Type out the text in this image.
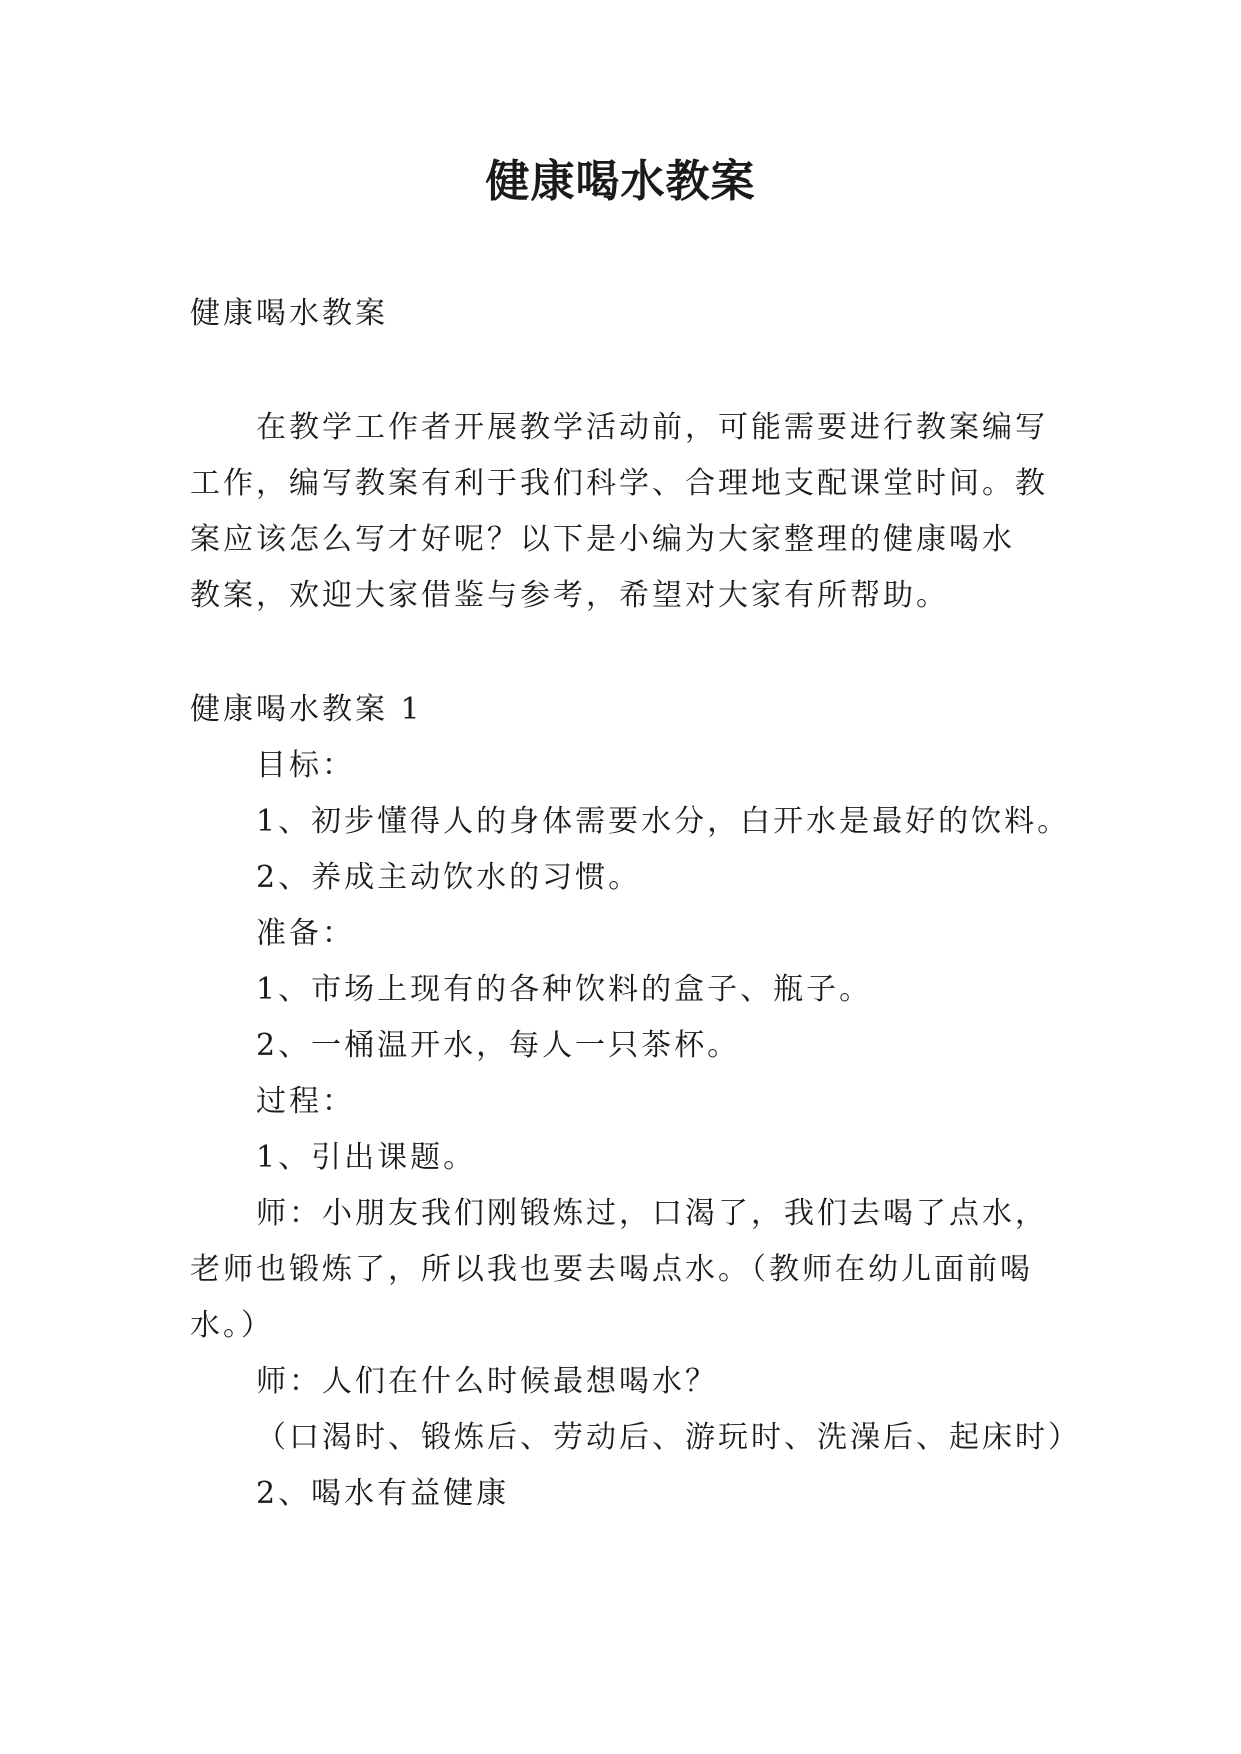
健康喝水教案
健康喝水教案
在教学工作者开展教学活动前，可能需要进行教案编写
工作，编写教案有利于我们科学、合理地支配课堂时间。教
案应该怎么写才好呢？以下是小编为大家整理的健康喝水
教案，欢迎大家借鉴与参考，希望对大家有所帮助。
健康喝水教案 1
目标：
1、初步懂得人的身体需要水分，白开水是最好的饮料。
2、养成主动饮水的习惯。
准备：
1、市场上现有的各种饮料的盒子、瓶子。
2、一桶温开水，每人一只茶杯。
过程：
1、引出课题。
师：小朋友我们刚锻炼过，口渴了，我们去喝了点水，
老师也锻炼了，所以我也要去喝点水。（教师在幼儿面前喝
水。）
师：人们在什么时候最想喝水？
（口渴时、锻炼后、劳动后、游玩时、洗澡后、起床时）
2、喝水有益健康
